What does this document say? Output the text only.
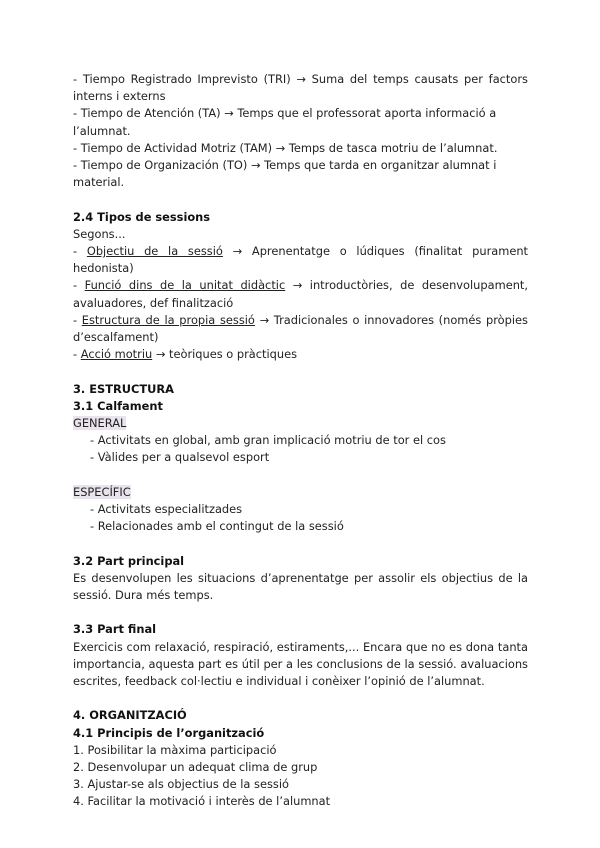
- Tiempo Registrado Imprevisto (TRI) → Suma del temps causats per factors interns i externs

- Tiempo de Atención (TA) → Temps que el professorat aporta informació a l’alumnat.

- Tiempo de Actividad Motriz (TAM) → Temps de tasca motriu de l’alumnat.

- Tiempo de Organización (TO) → Temps que tarda en organitzar alumnat i material.

2.4 Tipos de sessions

Segons...

- Objectiu de la sessió → Aprenentatge o lúdiques (finalitat purament hedonista)

- Funció dins de la unitat didàctic → introductòries, de desenvolupament, avaluadores, def finalització

- Estructura de la propia sessió → Tradicionales o innovadores (només pròpies d’escalfament)

- Acció motriu → teòriques o pràctiques

3. ESTRUCTURA
3.1 Calfament

GENERAL

- Activitats en global, amb gran implicació motriu de tor el cos
- Vàlides per a qualsevol esport

ESPECÍFIC

- Activitats especialitzades
- Relacionades amb el contingut de la sessió
3.2 Part principal

Es desenvolupen les situacions d’aprenentatge per assolir els objectius de la sessió. Dura més temps.

3.3 Part final

Exercicis com relaxació, respiració, estiraments,... Encara que no es dona tanta importancia, aquesta part es útil per a les conclusions de la sessió. avaluacions escrites, feedback col·lectiu e individual i conèixer l’opinió de l’alumnat.

4. ORGANITZACIÓ
4.1 Principis de l’organització
1. Posibilitar la màxima participació
2. Desenvolupar un adequat clima de grup
3. Ajustar-se als objectius de la sessió
4. Facilitar la motivació i interès de l’alumnat
